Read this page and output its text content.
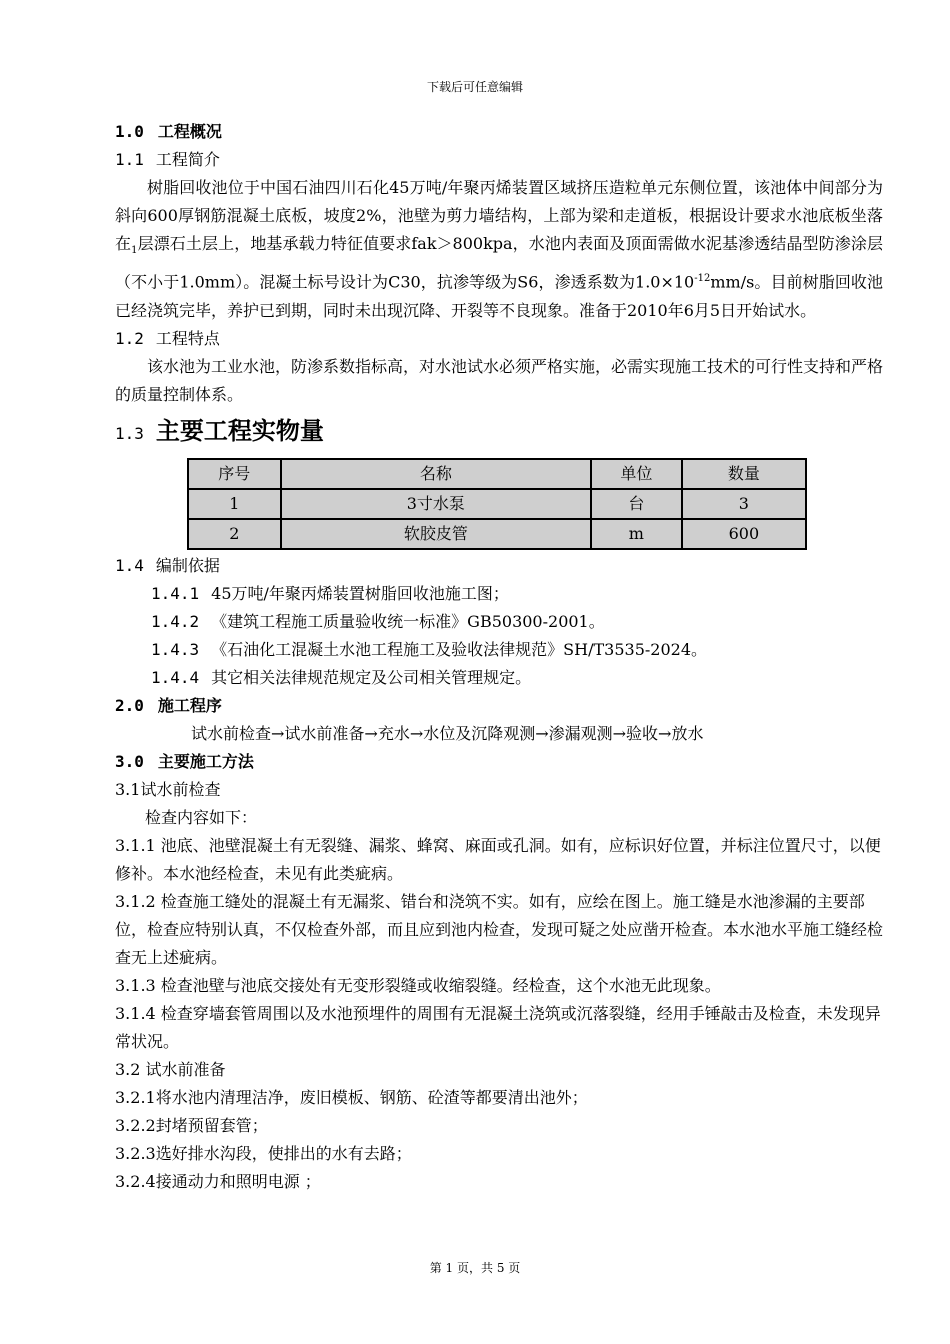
下载后可任意编辑

1.0 工程概况

1.1 工程简介

树脂回收池位于中国石油四川石化45万吨/年聚丙烯装置区域挤压造粒单元东侧位置，该池体中间部分为斜向600厚钢筋混凝土底板，坡度2%，池壁为剪力墙结构，上部为梁和走道板，根据设计要求水池底板坐落在$_1$层漂石土层上，地基承载力特征值要求fak＞800kpa，水池内表面及顶面需做水泥基渗透结晶型防渗涂层（不小于1.0mm）。混凝土标号设计为C30，抗渗等级为S6，渗透系数为$1.0\times 10^{-12}mm/s$。目前树脂回收池已经浇筑完毕，养护已到期，同时未出现沉降、开裂等不良现象。准备于2010年6月5日开始试水。

1.2 工程特点

该水池为工业水池，防渗系数指标高，对水池试水必须严格实施，必需实现施工技术的可行性支持和严格的质量控制体系。

1.3 主要工程实物量

序号	名称	单位	数量
1	3寸水泵	台	3
2	软胶皮管	m	600

1.4 编制依据

1.4.1 45万吨/年聚丙烯装置树脂回收池施工图；

1.4.2 《建筑工程施工质量验收统一标准》GB50300-2001。

1.4.3 《石油化工混凝土水池工程施工及验收法律规范》SH/T3535-2024。

1.4.4 其它相关法律规范规定及公司相关管理规定。

2.0 施工程序

试水前检查→试水前准备→充水→水位及沉降观测→渗漏观测→验收→放水

3.0 主要施工方法

3.1试水前检查

检查内容如下：

3.1.1 池底、池壁混凝土有无裂缝、漏浆、蜂窝、麻面或孔洞。如有，应标识好位置，并标注位置尺寸，以便修补。本水池经检查，未见有此类疵病。

3.1.2 检查施工缝处的混凝土有无漏浆、错台和浇筑不实。如有，应绘在图上。施工缝是水池渗漏的主要部位，检查应特别认真，不仅检查外部，而且应到池内检查，发现可疑之处应凿开检查。本水池水平施工缝经检查无上述疵病。

3.1.3 检查池壁与池底交接处有无变形裂缝或收缩裂缝。经检查，这个水池无此现象。

3.1.4 检查穿墙套管周围以及水池预埋件的周围有无混凝土浇筑或沉落裂缝，经用手锤敲击及检查，未发现异常状况。

3.2 试水前准备

3.2.1将水池内清理洁净，废旧模板、钢筋、砼渣等都要清出池外；

3.2.2封堵预留套管；

3.2.3选好排水沟段，使排出的水有去路；

3.2.4接通动力和照明电源 ；

第 1 页，共 5 页
